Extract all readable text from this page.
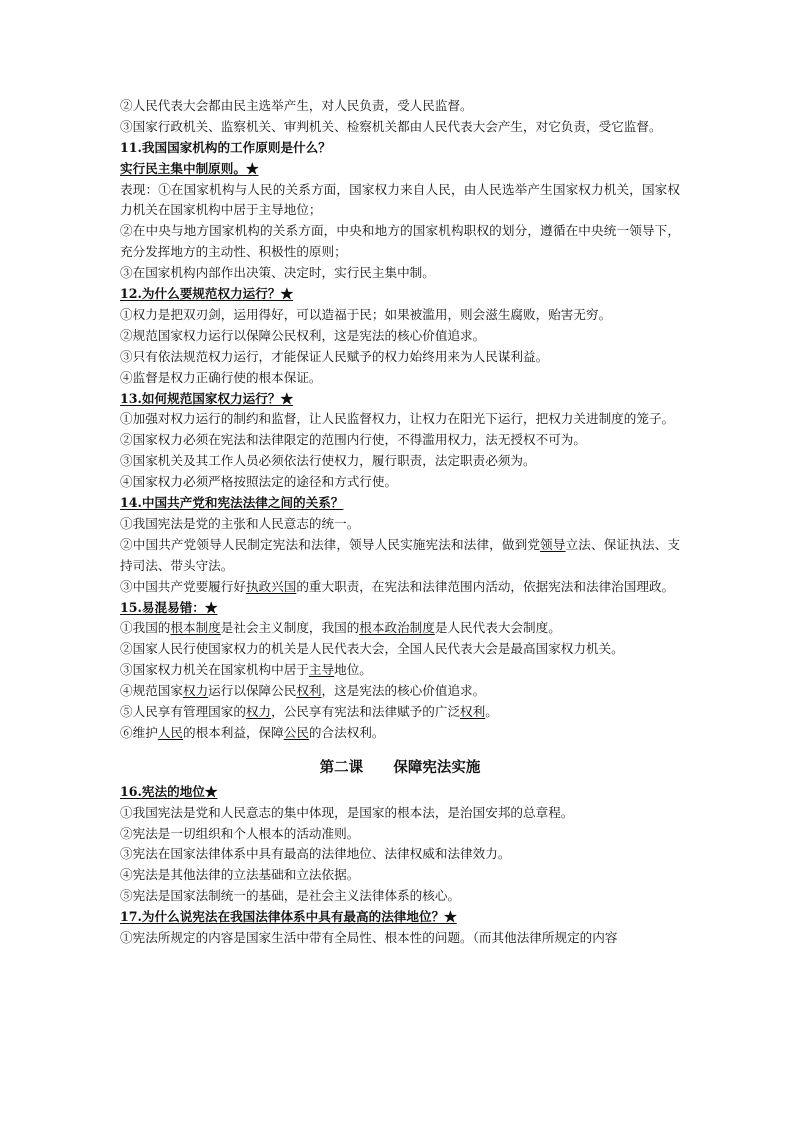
②人民代表大会都由民主选举产生，对人民负责，受人民监督。
③国家行政机关、监察机关、审判机关、检察机关都由人民代表大会产生，对它负责，受它监督。
11.我国国家机构的工作原则是什么？
实行民主集中制原则。★
表现：①在国家机构与人民的关系方面，国家权力来自人民，由人民选举产生国家权力机关，国家权力机关在国家机构中居于主导地位；
②在中央与地方国家机构的关系方面，中央和地方的国家机构职权的划分，遵循在中央统一领导下，充分发挥地方的主动性、积极性的原则；
③在国家机构内部作出决策、决定时，实行民主集中制。
12.为什么要规范权力运行？★
①权力是把双刃剑，运用得好，可以造福于民；如果被滥用，则会滋生腐败，贻害无穷。
②规范国家权力运行以保障公民权利，这是宪法的核心价值追求。
③只有依法规范权力运行，才能保证人民赋予的权力始终用来为人民谋利益。
④监督是权力正确行使的根本保证。
13.如何规范国家权力运行？★
①加强对权力运行的制约和监督，让人民监督权力，让权力在阳光下运行，把权力关进制度的笼子。
②国家权力必须在宪法和法律限定的范围内行使，不得滥用权力，法无授权不可为。
③国家机关及其工作人员必须依法行使权力，履行职责，法定职责必须为。
④国家权力必须严格按照法定的途径和方式行使。
14.中国共产党和宪法法律之间的关系？
①我国宪法是党的主张和人民意志的统一。
②中国共产党领导人民制定宪法和法律，领导人民实施宪法和法律，做到党领导立法、保证执法、支持司法、带头守法。
③中国共产党要履行好执政兴国的重大职责，在宪法和法律范围内活动，依据宪法和法律治国理政。
15.易混易错：★
①我国的根本制度是社会主义制度，我国的根本政治制度是人民代表大会制度。
②国家人民行使国家权力的机关是人民代表大会，全国人民代表大会是最高国家权力机关。
③国家权力机关在国家机构中居于主导地位。
④规范国家权力运行以保障公民权利，这是宪法的核心价值追求。
⑤人民享有管理国家的权力，公民享有宪法和法律赋予的广泛权利。
⑥维护人民的根本利益，保障公民的合法权利。
第二课      保障宪法实施
16.宪法的地位★
①我国宪法是党和人民意志的集中体现，是国家的根本法，是治国安邦的总章程。
②宪法是一切组织和个人根本的活动准则。
③宪法在国家法律体系中具有最高的法律地位、法律权威和法律效力。
④宪法是其他法律的立法基础和立法依据。
⑤宪法是国家法制统一的基础，是社会主义法律体系的核心。
17.为什么说宪法在我国法律体系中具有最高的法律地位？★
①宪法所规定的内容是国家生活中带有全局性、根本性的问题。（而其他法律所规定的内容
